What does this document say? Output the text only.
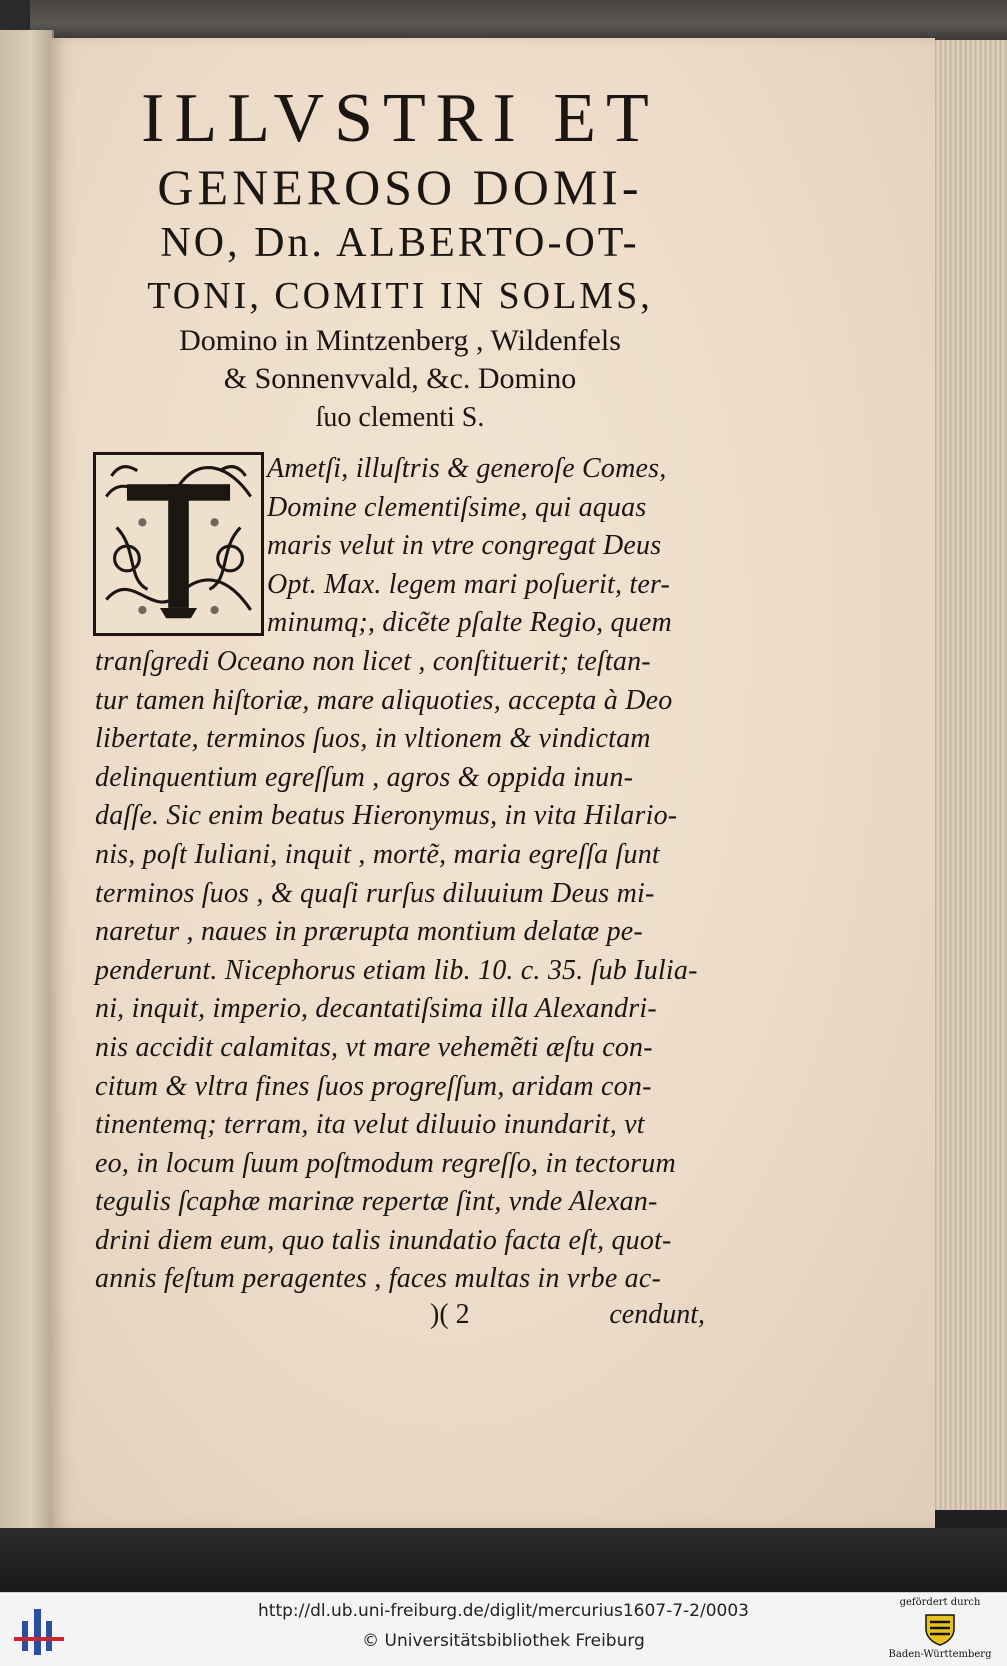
ILLVSTRI ET

GENEROSO DOMI-

NO, Dn. ALBERTO-OT-

TONI, COMITI IN SOLMS,

Domino in Mintzenberg , Wildenfels

& Sonnenvvald, &c. Domino

ſuo clementi S.

Ametſi, illuſtris & generoſe Comes,

Domine clementiſsime, qui aquas

maris velut in vtre congregat Deus

Opt. Max. legem mari poſuerit, ter-

minumq;, dicẽte pſalte Regio, quem

tranſgredi Oceano non licet , conſtituerit; teſtan-

tur tamen hiſtoriæ, mare aliquoties, accepta à Deo

libertate, terminos ſuos, in vltionem & vindictam

delinquentium egreſſum , agros & oppida inun-

daſſe. Sic enim beatus Hieronymus, in vita Hilario-

nis, poſt Iuliani, inquit , mortẽ, maria egreſſa ſunt

terminos ſuos , & quaſi rurſus diluuium Deus mi-

naretur , naues in prærupta montium delatæ pe-

penderunt. Nicephorus etiam lib. 10. c. 35. ſub Iulia-

ni, inquit, imperio, decantatiſsima illa Alexandri-

nis accidit calamitas, vt mare vehemẽti æſtu con-

citum & vltra fines ſuos progreſſum, aridam con-

tinentemq; terram, ita velut diluuio inundarit, vt

eo, in locum ſuum poſtmodum regreſſo, in tectorum

tegulis ſcaphæ marinæ repertæ ſint, vnde Alexan-

drini diem eum, quo talis inundatio facta eſt, quot-

annis feſtum peragentes , faces multas in vrbe ac-

)( 2	cendunt,
http://dl.ub.uni-freiburg.de/diglit/mercurius1607-7-2/0003
© Universitätsbibliothek Freiburg
gefördert durch
Baden-Württemberg
